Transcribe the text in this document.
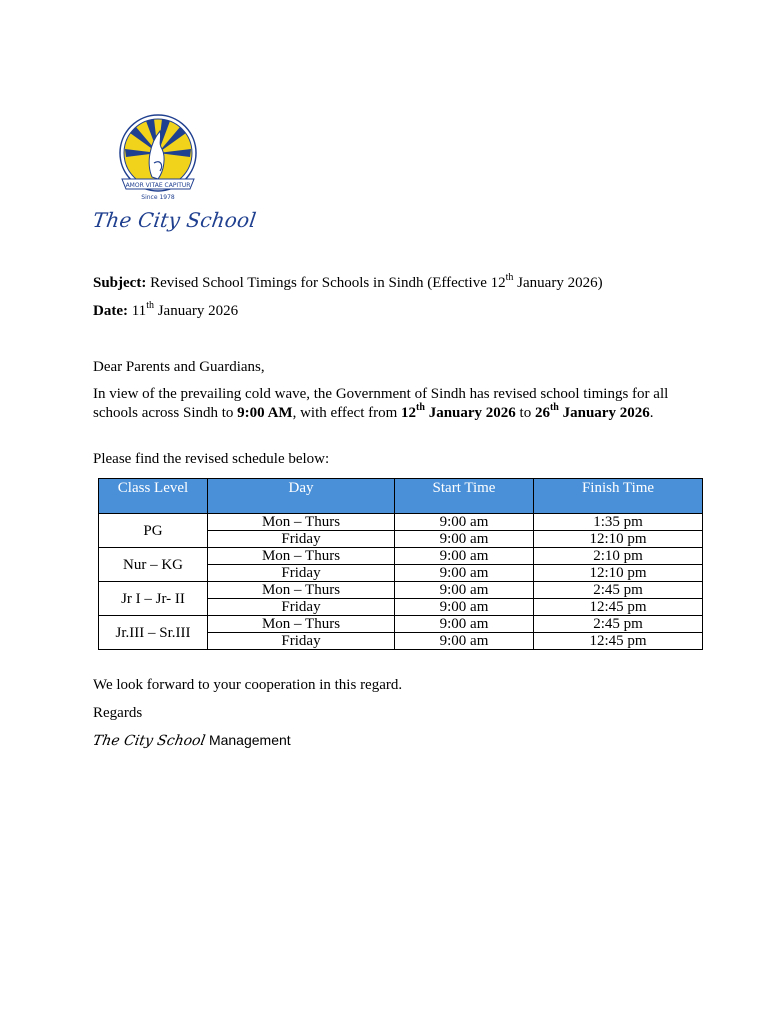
AMOR VITAE CAPITUR
Since 1978
The City School
Subject: Revised School Timings for Schools in Sindh (Effective 12th January 2026)
Date: 11th January 2026
Dear Parents and Guardians,
In view of the prevailing cold wave, the Government of Sindh has revised school timings for all schools across Sindh to 9:00 AM, with effect from 12th January 2026 to 26th January 2026.
Please find the revised schedule below:
Class Level	Day	Start Time	Finish Time
PG	Mon – Thurs	9:00 am	1:35 pm
	Friday	9:00 am	12:10 pm
Nur – KG	Mon – Thurs	9:00 am	2:10 pm
	Friday	9:00 am	12:10 pm
Jr I – Jr- II	Mon – Thurs	9:00 am	2:45 pm
	Friday	9:00 am	12:45 pm
Jr.III – Sr.III	Mon – Thurs	9:00 am	2:45 pm
	Friday	9:00 am	12:45 pm
We look forward to your cooperation in this regard.
Regards
The City School Management
